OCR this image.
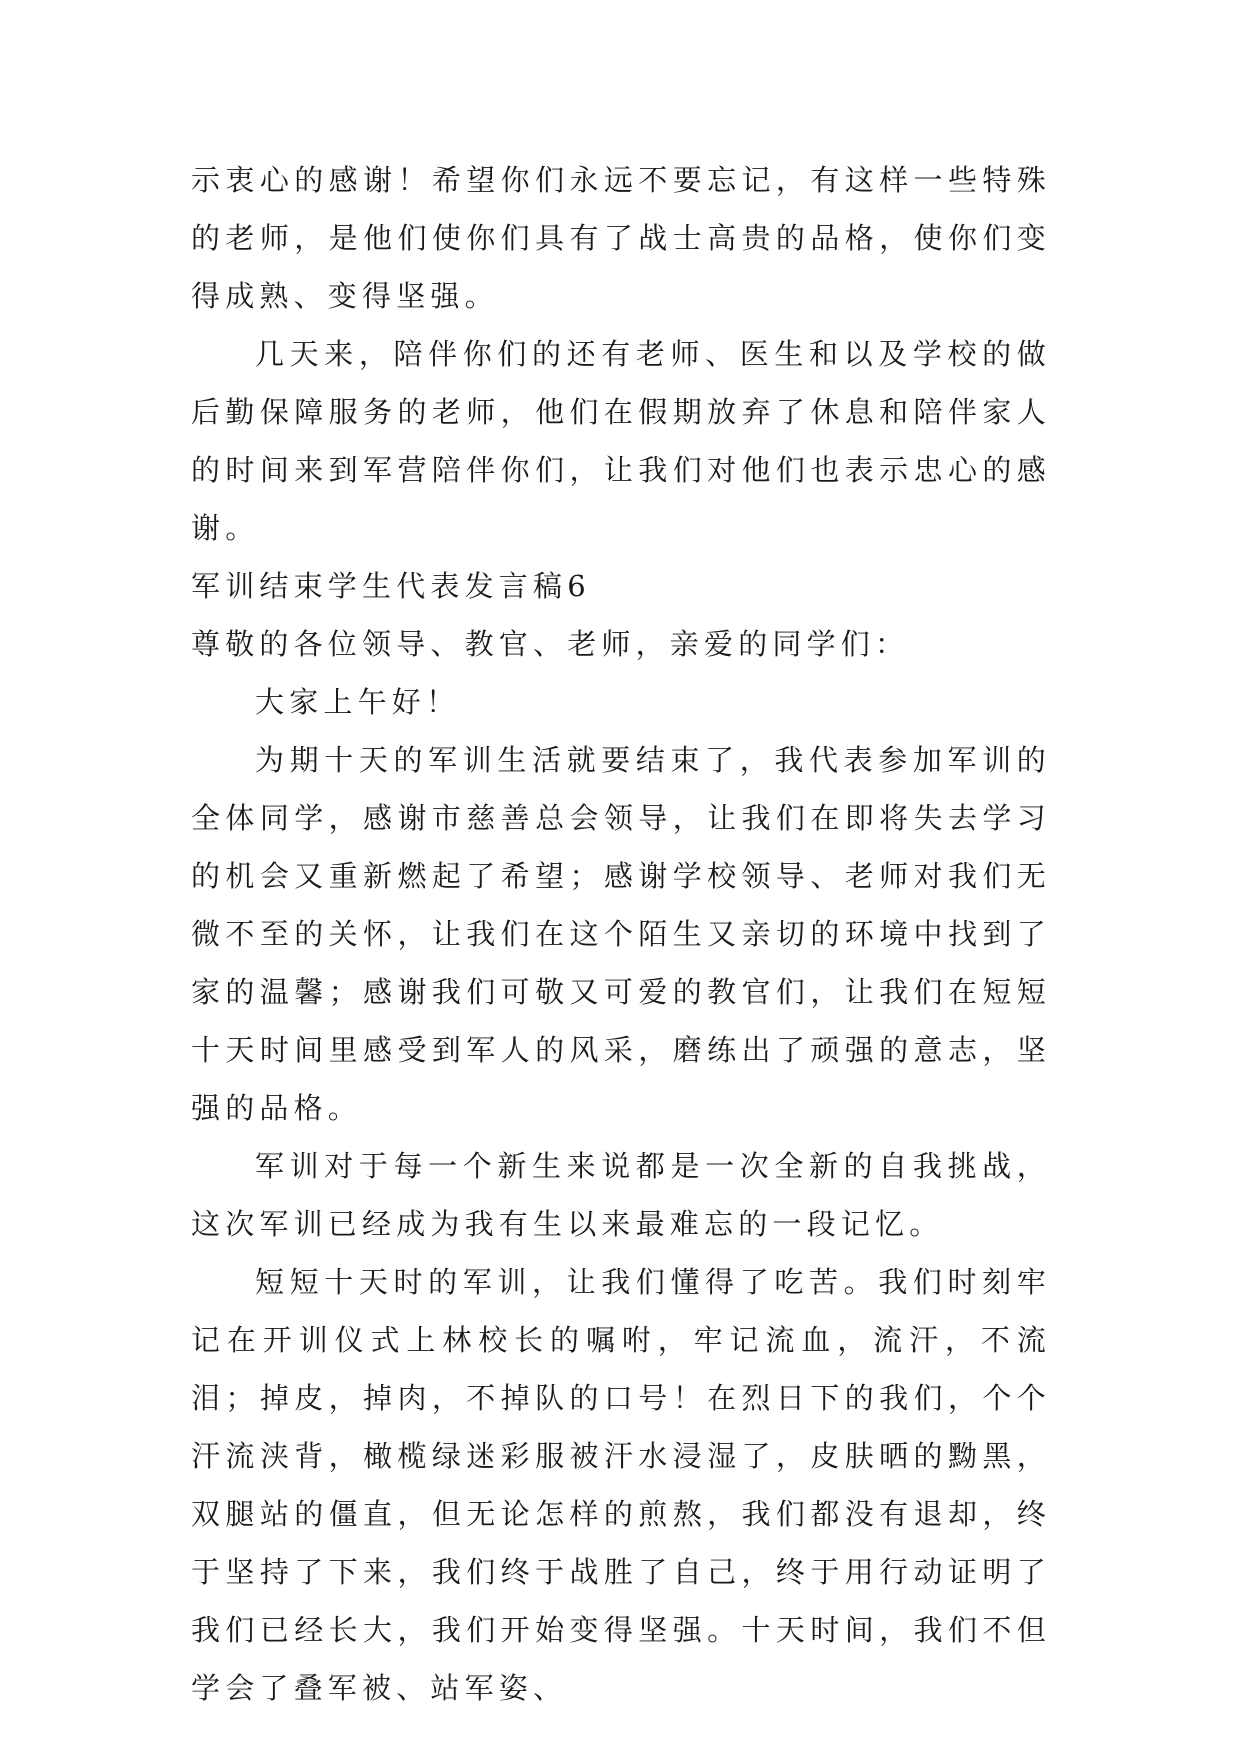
示衷心的感谢！希望你们永远不要忘记，有这样一些特殊的老师，是他们使你们具有了战士高贵的品格，使你们变得成熟、变得坚强。

几天来，陪伴你们的还有老师、医生和以及学校的做后勤保障服务的老师，他们在假期放弃了休息和陪伴家人的时间来到军营陪伴你们，让我们对他们也表示忠心的感谢。

军训结束学生代表发言稿6

尊敬的各位领导、教官、老师，亲爱的同学们：

大家上午好！

为期十天的军训生活就要结束了，我代表参加军训的全体同学，感谢市慈善总会领导，让我们在即将失去学习的机会又重新燃起了希望；感谢学校领导、老师对我们无微不至的关怀，让我们在这个陌生又亲切的环境中找到了家的温馨；感谢我们可敬又可爱的教官们，让我们在短短十天时间里感受到军人的风采，磨练出了顽强的意志，坚强的品格。

军训对于每一个新生来说都是一次全新的自我挑战，这次军训已经成为我有生以来最难忘的一段记忆。

短短十天时的军训，让我们懂得了吃苦。我们时刻牢记在开训仪式上林校长的嘱咐，牢记流血，流汗，不流泪；掉皮，掉肉，不掉队的口号！在烈日下的我们，个个汗流浃背，橄榄绿迷彩服被汗水浸湿了，皮肤晒的黝黑，双腿站的僵直，但无论怎样的煎熬，我们都没有退却，终于坚持了下来，我们终于战胜了自己，终于用行动证明了我们已经长大，我们开始变得坚强。十天时间，我们不但学会了叠军被、站军姿、
